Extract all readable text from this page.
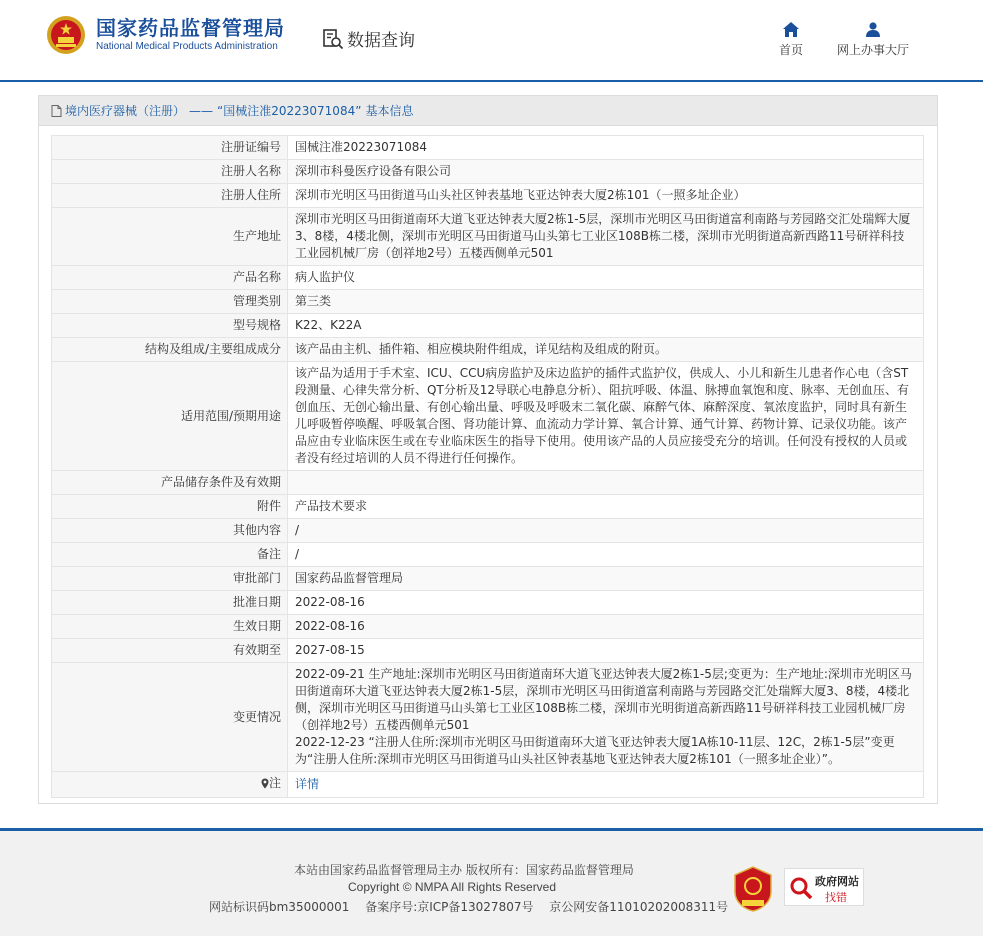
国家药品监督管理局
National Medical Products Administration	数据查询	首页	网上办事大厅
境内医疗器械（注册） —— “国械注准20223071084” 基本信息
注册证编号	国械注准20223071084
注册人名称	深圳市科曼医疗设备有限公司
注册人住所	深圳市光明区马田街道马山头社区钟表基地飞亚达钟表大厦2栋101（一照多址企业）
生产地址	深圳市光明区马田街道南环大道飞亚达钟表大厦2栋1-5层，深圳市光明区马田街道富利南路与芳园路交汇处瑞辉大厦3、8楼，4楼北侧，深圳市光明区马田街道马山头第七工业区108B栋二楼，深圳市光明街道高新西路11号研祥科技工业园机械厂房（创祥地2号）五楼西侧单元501
产品名称	病人监护仪
管理类别	第三类
型号规格	K22、K22A
结构及组成/主要组成成分	该产品由主机、插件箱、相应模块附件组成，详见结构及组成的附页。
适用范围/预期用途	该产品为适用于手术室、ICU、CCU病房监护及床边监护的插件式监护仪，供成人、小儿和新生儿患者作心电（含ST段测量、心律失常分析、QT分析及12导联心电静息分析）、阻抗呼吸、体温、脉搏血氧饱和度、脉率、无创血压、有创血压、无创心输出量、有创心输出量、呼吸及呼吸末二氧化碳、麻醉气体、麻醉深度、氧浓度监护，同时具有新生儿呼吸暂停唤醒、呼吸氧合图、肾功能计算、血流动力学计算、氧合计算、通气计算、药物计算、记录仪功能。该产品应由专业临床医生或在专业临床医生的指导下使用。使用该产品的人员应接受充分的培训。任何没有授权的人员或者没有经过培训的人员不得进行任何操作。
产品储存条件及有效期	
附件	产品技术要求
其他内容	/
备注	/
审批部门	国家药品监督管理局
批准日期	2022-08-16
生效日期	2022-08-16
有效期至	2027-08-15
变更情况	2022-09-21 生产地址:深圳市光明区马田街道南环大道飞亚达钟表大厦2栋1-5层;变更为：生产地址:深圳市光明区马田街道南环大道飞亚达钟表大厦2栋1-5层，深圳市光明区马田街道富利南路与芳园路交汇处瑞辉大厦3、8楼，4楼北侧，深圳市光明区马田街道马山头第七工业区108B栋二楼，深圳市光明街道高新西路11号研祥科技工业园机械厂房（创祥地2号）五楼西侧单元501
2022-12-23 “注册人住所:深圳市光明区马田街道南环大道飞亚达钟表大厦1A栋10-11层、12C，2栋1-5层”变更为“注册人住所:深圳市光明区马田街道马山头社区钟表基地飞亚达钟表大厦2栋101（一照多址企业）”。

注	详情
本站由国家药品监督管理局主办 版权所有：国家药品监督管理局
Copyright © NMPA All Rights Reserved
网站标识码bm35000001　 备案序号:京ICP备13027807号　 京公网安备11010202008311号
政府网站
找错
